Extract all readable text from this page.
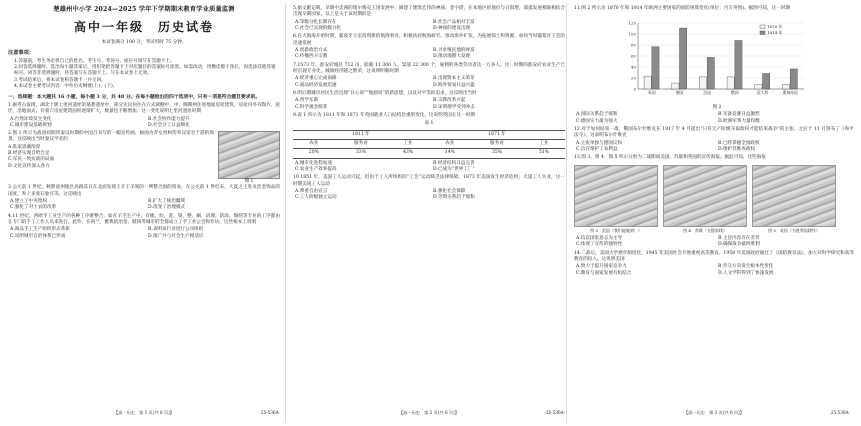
楚雄州中小学 2024—2025 学年下学期期末教育学业质量监测
高中一年级　历史试卷
本试卷满分 100 分，考试用时 75 分钟。
注意事项：

1.答题前，考生务必将自己的姓名、考生号、考场号、座位号填写在答题卡上。

2.回答选择题时，选出每小题答案后，用铅笔把答题卡上对应题目的答案标号涂黑。如需改动，用橡皮擦干净后，再选涂其他答案标号。回答非选择题时，将答案写在答题卡上。写在本试卷上无效。

3.考试结束后，将本试卷和答题卡一并交回。

4.本试卷主要考试内容：中外历史纲要(上)、(下)。

一、选择题：本大题共 16 小题，每小题 3 分，共 48 分。在每小题给出的四个选项中，只有一项是符合题目要求的。
1.据考古发现，湖北十堰七里河遗址的墓葬遗址中，部分先民居住在穴式窝棚中，中、晚期则住进地面房屋建筑，房屋内外有陶片、泥坯，沿地面式、有墓穴房屋建筑固积逐渐扩大，数量也不断增加，这一变化说明七里河遗址时期
A.台然环境发生变化	B.社会协作能力提升
C.城市建设基础规划	D.社会分工日益细化
2.图 1 所示为战国初期到秦汉时期的中国吕书写的一幅宣传画，画面为奔女西柯侍奉汉帝甘于游的场景。这反映出当时秦汉学者的
A.私家思潮浓厚
B.经济实现自给自足
C.军民一致抗战的局面
D.文化宣传深入各方
图 1
3.公元前 1 世纪，秋斯富州地区高路其日在北面发现王羊王羊领的一例整合国的贸易，在公元前 1 世纪末，大夏之王进贡贵金饰品的国度，奉上多张石象宫等。这反映出
A.建立了中央集权	B.扩大了统治疆域
C.强化了对土衣的改革	D.改变了治理模式
4.11 世纪，西欧手工业生产的各种工序难整合，如在羊毛生产中，有梳、纺、洗、染、整、刷、清理、防涂、缝纫等专业的工序都由在专门的手工工作人员来进行。此外，在荷兰，雅典的冶金、锻铸等城市的全都成立了手工业公会和作坊。这些根本上说明
A.商品手工生产组织形式革新	B.表明该行业进行公司组织
C.说明城市自治体系已形成	D.推广并与社会生产相适应
【高一历史　第 1 页(共 6 页)】	·25-536A·
5.据文献记载，早期中美洲的奥尔梅克王国发展中，修建了建筑宏伟的神庙、金字塔，在本地区的地位与日俱增，部落发展相联相结合出现早期国家，以上是关于该时期的是
A.等级分化长期存在	B.社会产品相对丰富
C.社会已实现阶级分化	D.神庙的建设出现
6.在大航海开始时期，葡萄牙王室投资新的航海事业，积极扶持航海研究，推动海外扩张，为拓展领土和资源，加快当时葡萄牙王室的迅速发展
A.创新政治方式	B.寻求殖民地的财富
C.传播西方宗教	D.推动地理大发现
7.1573 年，淮安府城区 712 亩，船舶 11 300 人，渠道 22 300 个，雇佣的各类劳动者达一万多人。这一时期的淮安府农业生产已经出现专业化，城镇经济随之繁荣，这说明明朝时期
A.经济重心完成南移	B.出现资本主义萌芽
C.商品经济发展迅速	D.海外贸易日益兴盛
8.明后期城市居民生活出现“日心说”“地圆说”的新思想，以及对平等的追求，这反映出当时
A.西学东渐	B.宗教改革兴起
C.科学观念萌芽	D.宋明理学受到冲击
9.表 1 所示为 1811 年和 1871 年英国就业人口结构比重的变化。这说明英国在这一时期
表 1
1811 年			1871 年		
农业	服务业	工业	农业	服务业	工业
20%	33%	43%	14%	35%	51%
A.城市化进程加速	B.经济结构日益完善
C.农业生产效率提高	D.已成为“世界工厂”
10.1851 年，美国工人运动兴起，但由于工人所组织的“工会”运动缺乏法律保障，1873 年美国发生经济危机，大量工人失业，这一时期美国工人运动
A.尊重自由宣言	B.强化社会保障
C.工人阶级独立运动	D.劳资关系趋于缓和
【高一历史　第 2 页(共 6 页)】	·25-536A·
11.图 2 所示为 1870 年和 1914 年欧洲主要国家的国防预算变化(单位：百万英镑)。据图可知，这一时期
0
20
40
60
80
100
120
英国	德国	法国	俄国	意大利	奥匈帝国
1870 年
1914 年
图 2
A.国际关系趋于缓和	B.军备竞赛日益激烈
C.德国实力最为强大	D.欧洲军事力量均衡
12.对于如何结束一战，俄国布尔什维克在 1917 年 4 月提出“只有无产阶级夺取政权才能结束战争”的主张，之后于 11 月颁布了《和平法令》，这表明布尔什维克
A.主张单独与德国议和	B.已经掌握全国政权
C.旨在维护工农利益	D.维护苏维埃政权
13.图 3、图 4、图 5 所示分别为二战期间美国、苏联和英国的宣传海报。据此可知，这些海报
图 3　美国（我们能做到！）	图 4　苏联（支援前线）	图 5　英国（为胜利而耕作）
A.均以国家意志为主导	B.主旨内容存在差异
C.体现了宣传的独特性	D.确保战争最终胜利
14.二战后，美国大学逐步制度化，1945 年美国社会开始重视高等教育。1958 年美国政府通过了《国防教育法》，加大对科学研究和高等教育的投入。这说明美国
A.致力于提升国家竞争力	B.外交方向发生根本性变化
C.教育与国家发展有机结合	D.人文学科得到了快速发展
【高一历史　第 3 页(共 6 页)】	·25-536A·
